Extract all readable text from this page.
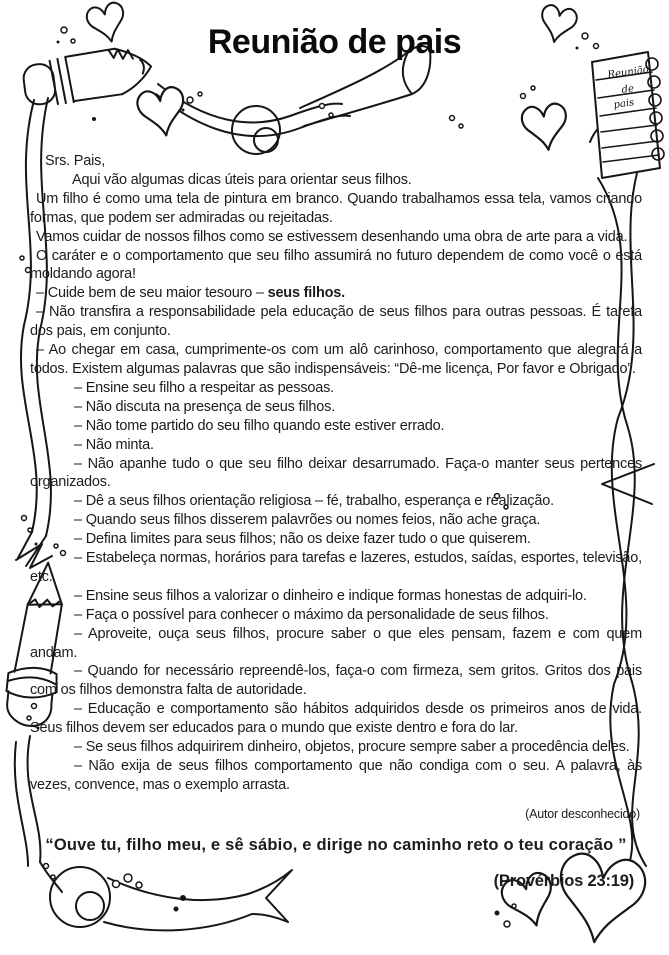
Reunião
de
pais
Reunião de pais

Srs. Pais,

Aqui vão algumas dicas úteis para orientar seus filhos.

Um filho é como uma tela de pintura em branco. Quando trabalhamos essa tela, vamos criando formas, que podem ser admiradas ou rejeitadas.

Vamos cuidar de nossos filhos como se estivessem desenhando uma obra de arte para a vida.

O caráter e o comportamento que seu filho assumirá no futuro dependem de como você o está moldando agora!

– Cuide bem de seu maior tesouro – seus filhos.

– Não transfira a responsabilidade pela educação de seus filhos para outras pessoas. É tarefa dos pais, em conjunto.

– Ao chegar em casa, cumprimente-os com um alô carinhoso, comportamento que alegrará a todos. Existem algumas palavras que são indispensáveis: “Dê-me licença, Por favor e Obrigado”.

– Ensine seu filho a respeitar as pessoas.

– Não discuta na presença de seus filhos.

– Não tome partido do seu filho quando este estiver errado.

– Não minta.

– Não apanhe tudo o que seu filho deixar desarrumado. Faça-o manter seus pertences organizados.

– Dê a seus filhos orientação religiosa – fé, trabalho, esperança e realização.

– Quando seus filhos disserem palavrões ou nomes feios, não ache graça.

– Defina limites para seus filhos; não os deixe fazer tudo o que quiserem.

– Estabeleça normas, horários para tarefas e lazeres, estudos, saídas, esportes, televisão, etc.

– Ensine seus filhos a valorizar o dinheiro e indique formas honestas de adquiri-lo.

– Faça o possível para conhecer o máximo da personalidade de seus filhos.

– Aproveite, ouça seus filhos, procure saber o que eles pensam, fazem e com quem andam.

– Quando for necessário repreendê-los, faça-o com firmeza, sem gritos. Gritos dos pais com os filhos demonstra falta de autoridade.

– Educação e comportamento são hábitos adquiridos desde os primeiros anos de vida. Seus filhos devem ser educados para o mundo que existe dentro e fora do lar.

– Se seus filhos adquirirem dinheiro, objetos, procure sempre saber a procedência deles.

– Não exija de seus filhos comportamento que não condiga com o seu. A palavra, às vezes, convence, mas o exemplo arrasta.

(Autor desconhecido)

“Ouve tu, filho meu, e sê sábio, e dirige no caminho reto o teu coração ”

(Provérbios 23:19)
